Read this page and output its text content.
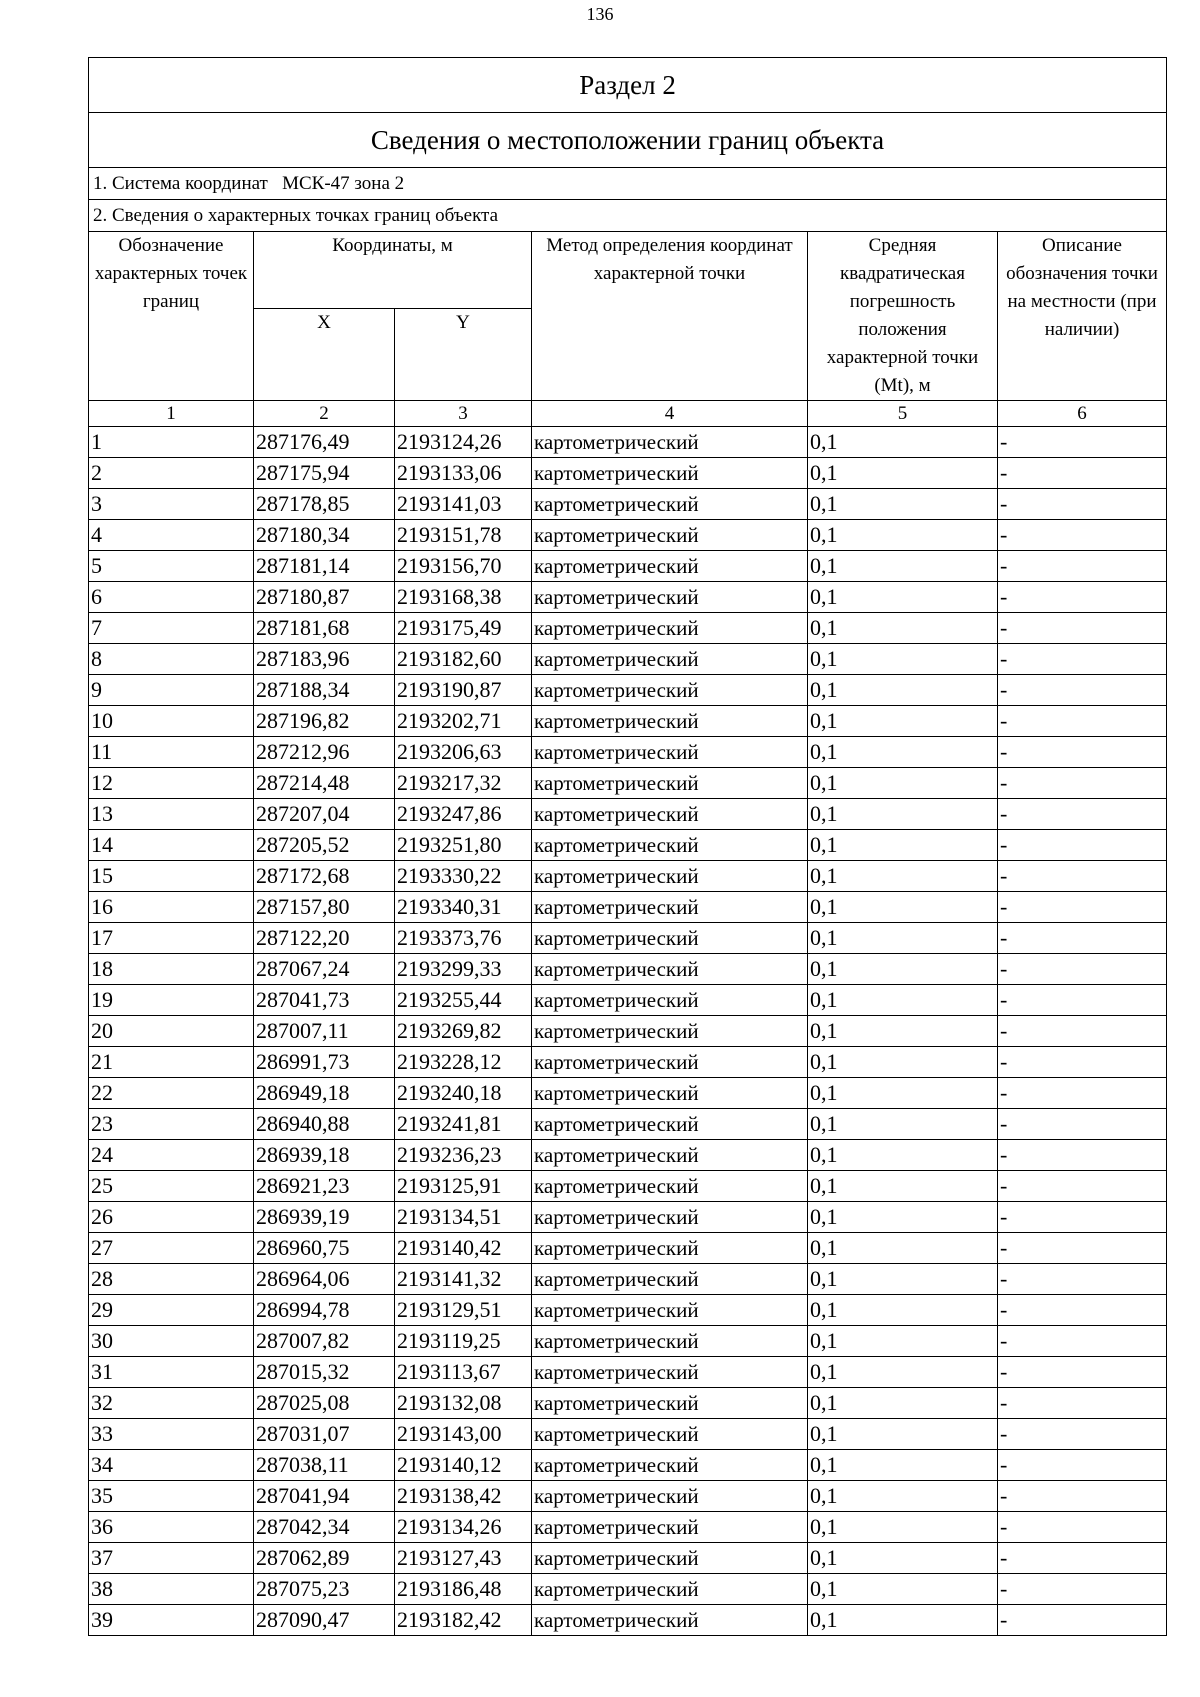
136
Раздел 2					
Сведения о местоположении границ объекта					
1. Система координат   МСК-47 зона 2					
2. Сведения о характерных точках границ объекта					
Обозначение характерных точек границ	Координаты, м		Метод определения координат характерной точки	Средняя квадратическая погрешность положения характерной точки (Mt), м	Описание обозначения точки на местности (при наличии)
	X	Y			
1	2	3	4	5	6
1	287176,49	2193124,26	картометрический	0,1	-
2	287175,94	2193133,06	картометрический	0,1	-
3	287178,85	2193141,03	картометрический	0,1	-
4	287180,34	2193151,78	картометрический	0,1	-
5	287181,14	2193156,70	картометрический	0,1	-
6	287180,87	2193168,38	картометрический	0,1	-
7	287181,68	2193175,49	картометрический	0,1	-
8	287183,96	2193182,60	картометрический	0,1	-
9	287188,34	2193190,87	картометрический	0,1	-
10	287196,82	2193202,71	картометрический	0,1	-
11	287212,96	2193206,63	картометрический	0,1	-
12	287214,48	2193217,32	картометрический	0,1	-
13	287207,04	2193247,86	картометрический	0,1	-
14	287205,52	2193251,80	картометрический	0,1	-
15	287172,68	2193330,22	картометрический	0,1	-
16	287157,80	2193340,31	картометрический	0,1	-
17	287122,20	2193373,76	картометрический	0,1	-
18	287067,24	2193299,33	картометрический	0,1	-
19	287041,73	2193255,44	картометрический	0,1	-
20	287007,11	2193269,82	картометрический	0,1	-
21	286991,73	2193228,12	картометрический	0,1	-
22	286949,18	2193240,18	картометрический	0,1	-
23	286940,88	2193241,81	картометрический	0,1	-
24	286939,18	2193236,23	картометрический	0,1	-
25	286921,23	2193125,91	картометрический	0,1	-
26	286939,19	2193134,51	картометрический	0,1	-
27	286960,75	2193140,42	картометрический	0,1	-
28	286964,06	2193141,32	картометрический	0,1	-
29	286994,78	2193129,51	картометрический	0,1	-
30	287007,82	2193119,25	картометрический	0,1	-
31	287015,32	2193113,67	картометрический	0,1	-
32	287025,08	2193132,08	картометрический	0,1	-
33	287031,07	2193143,00	картометрический	0,1	-
34	287038,11	2193140,12	картометрический	0,1	-
35	287041,94	2193138,42	картометрический	0,1	-
36	287042,34	2193134,26	картометрический	0,1	-
37	287062,89	2193127,43	картометрический	0,1	-
38	287075,23	2193186,48	картометрический	0,1	-
39	287090,47	2193182,42	картометрический	0,1	-
